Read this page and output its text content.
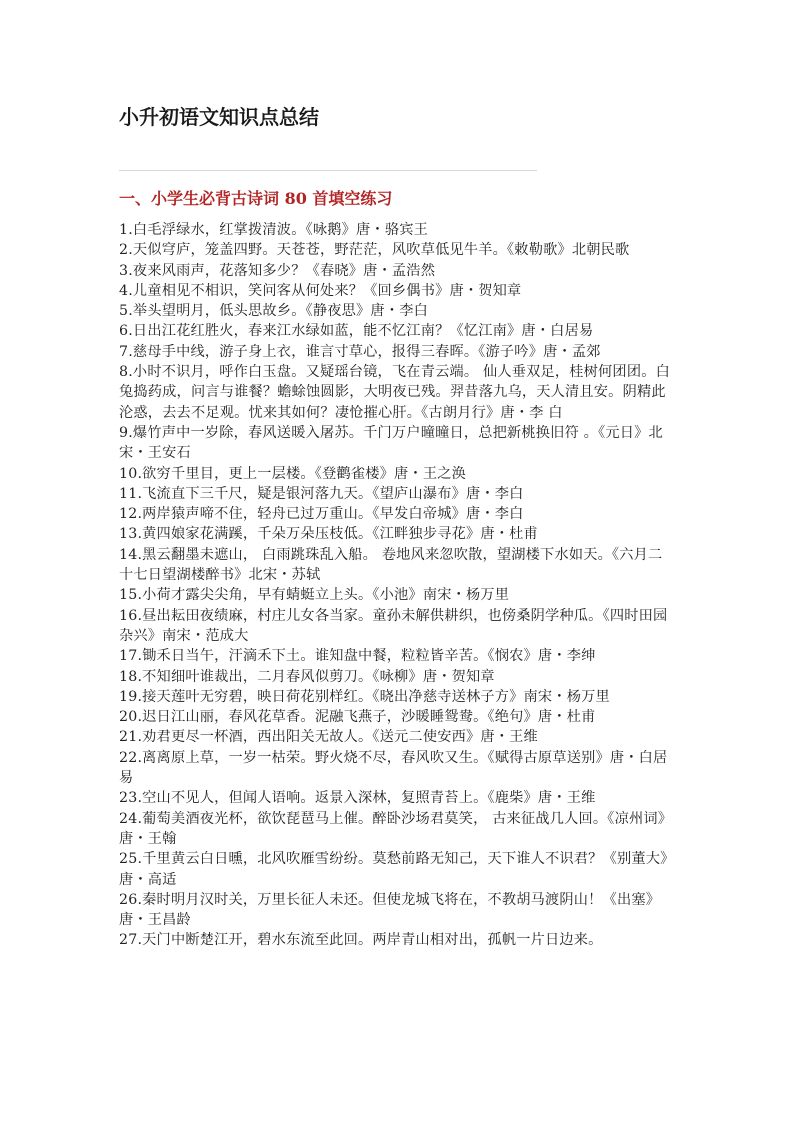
小升初语文知识点总结
一、小学生必背古诗词 80 首填空练习
1.白毛浮绿水，红掌拨清波。《咏鹅》唐・骆宾王
2.天似穹庐，笼盖四野。天苍苍，野茫茫，风吹草低见牛羊。《敕勒歌》北朝民歌
3.夜来风雨声，花落知多少？《春晓》唐・孟浩然
4.儿童相见不相识，笑问客从何处来？《回乡偶书》唐・贺知章
5.举头望明月，低头思故乡。《静夜思》唐・李白
6.日出江花红胜火，春来江水绿如蓝，能不忆江南？《忆江南》唐・白居易
7.慈母手中线，游子身上衣，谁言寸草心，报得三春晖。《游子吟》唐・孟郊
8.小时不识月，呼作白玉盘。又疑瑶台镜，飞在青云端。 仙人垂双足，桂树何团团。白兔捣药成，问言与谁餐？蟾蜍蚀圆影，大明夜已残。羿昔落九乌，天人清且安。阴精此沦惑，去去不足观。忧来其如何？凄怆摧心肝。《古朗月行》唐・李 白
9.爆竹声中一岁除，春风送暖入屠苏。千门万户曈曈日，总把新桃换旧符 。《元日》北宋・王安石
10.欲穷千里目，更上一层楼。《登鹳雀楼》唐・王之涣
11.飞流直下三千尺，疑是银河落九天。《望庐山瀑布》唐・李白
12.两岸猿声啼不住，轻舟已过万重山。《早发白帝城》唐・李白
13.黄四娘家花满蹊，千朵万朵压枝低。《江畔独步寻花》唐・杜甫
14.黑云翻墨未遮山， 白雨跳珠乱入船。 卷地风来忽吹散，望湖楼下水如天。《六月二十七日望湖楼醉书》北宋・苏轼
15.小荷才露尖尖角，早有蜻蜓立上头。《小池》南宋・杨万里
16.昼出耘田夜绩麻，村庄儿女各当家。童孙未解供耕织，也傍桑阴学种瓜。《四时田园杂兴》南宋・范成大
17.锄禾日当午，汗滴禾下土。谁知盘中餐，粒粒皆辛苦。《悯农》唐・李绅
18.不知细叶谁裁出，二月春风似剪刀。《咏柳》唐・贺知章
19.接天莲叶无穷碧，映日荷花别样红。《晓出净慈寺送林子方》南宋・杨万里
20.迟日江山丽，春风花草香。泥融飞燕子，沙暖睡鸳鸯。《绝句》唐・杜甫
21.劝君更尽一杯酒，西出阳关无故人。《送元二使安西》唐・王维
22.离离原上草，一岁一枯荣。野火烧不尽，春风吹又生。《赋得古原草送别》唐・白居易
23.空山不见人，但闻人语响。返景入深林，复照青苔上。《鹿柴》唐・王维
24.葡萄美酒夜光杯，欲饮琵琶马上催。醉卧沙场君莫笑， 古来征战几人回。《凉州词》唐・王翰
25.千里黄云白日曛，北风吹雁雪纷纷。莫愁前路无知己，天下谁人不识君？《别董大》唐・高适
26.秦时明月汉时关，万里长征人未还。但使龙城飞将在，不教胡马渡阴山！《出塞》唐・王昌龄
27.天门中断楚江开，碧水东流至此回。两岸青山相对出，孤帆一片日边来。
